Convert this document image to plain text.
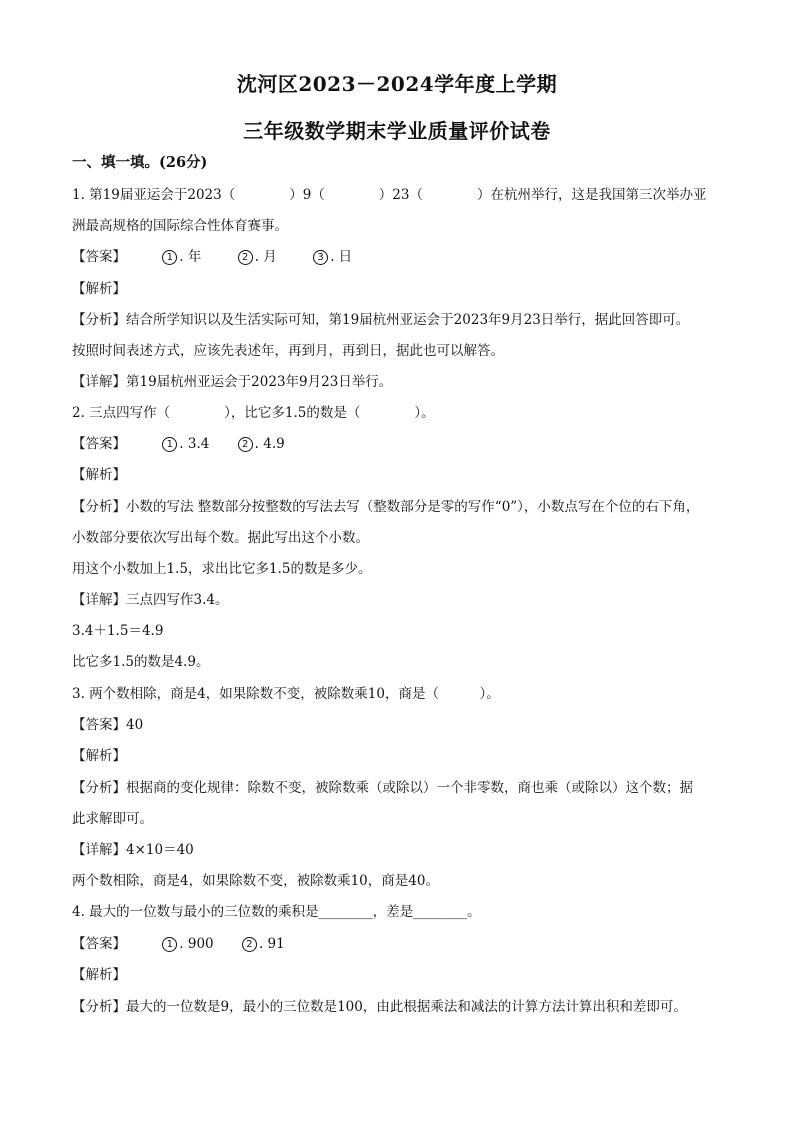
沈河区2023－2024学年度上学期
三年级数学期末学业质量评价试卷
一、填一填。(26分)
1. 第19届亚运会于2023（　　　　）9（　　　　）23（　　　　）在杭州举行，这是我国第三次举办亚
洲最高规格的国际综合性体育赛事。
【答案】	1 . 年	2 . 月	3 . 日
【解析】
【分析】结合所学知识以及生活实际可知，第19届杭州亚运会于2023年9月23日举行，据此回答即可。
按照时间表述方式，应该先表述年，再到月，再到日，据此也可以解答。
【详解】第19届杭州亚运会于2023年9月23日举行。
2. 三点四写作（　　　　），比它多1.5的数是（　　　　）。
【答案】	1 . 3.4	2 . 4.9
【解析】
【分析】小数的写法 整数部分按整数的写法去写（整数部分是零的写作“0”），小数点写在个位的右下角，
小数部分要依次写出每个数。据此写出这个小数。
用这个小数加上1.5，求出比它多1.5的数是多少。
【详解】三点四写作3.4。
3.4＋1.5＝4.9
比它多1.5的数是4.9。
3. 两个数相除，商是4，如果除数不变，被除数乘10，商是（　　　）。
【答案】40
【解析】
【分析】根据商的变化规律：除数不变，被除数乘（或除以）一个非零数，商也乘（或除以）这个数；据
此求解即可。
【详解】4×10＝40
两个数相除，商是4，如果除数不变，被除数乘10，商是40。
4. 最大的一位数与最小的三位数的乘积是________，差是________。
【答案】	1 . 900	2 . 91
【解析】
【分析】最大的一位数是9，最小的三位数是100，由此根据乘法和减法的计算方法计算出积和差即可。
